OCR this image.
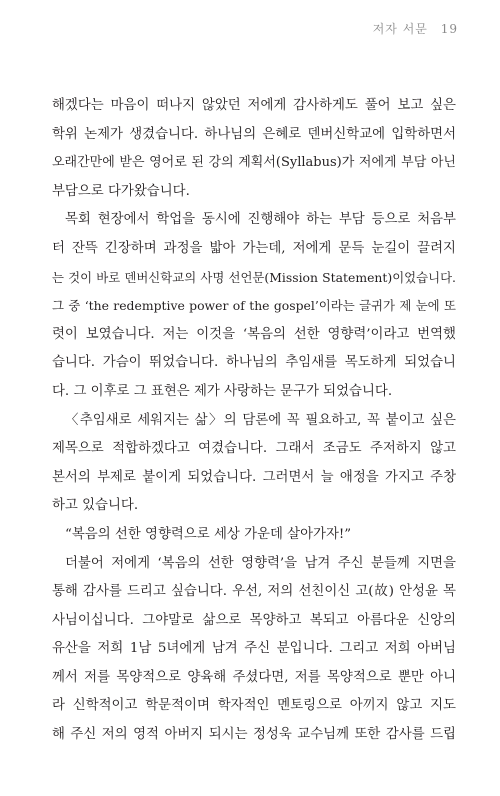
저자 서문 19
해겠다는 마음이 떠나지 않았던 저에게 감사하게도 풀어 보고 싶은
학위 논제가 생겼습니다. 하나님의 은혜로 덴버신학교에 입학하면서
오래간만에 받은 영어로 된 강의 계획서(Syllabus)가 저에게 부담 아닌
부담으로 다가왔습니다.
목회 현장에서 학업을 동시에 진행해야 하는 부담 등으로 처음부
터 잔뜩 긴장하며 과정을 밟아 가는데, 저에게 문득 눈길이 끌려지
는 것이 바로 덴버신학교의 사명 선언문(Mission Statement)이었습니다.
그 중 ‘the redemptive power of the gospel’이라는 글귀가 제 눈에 또
렷이 보였습니다. 저는 이것을 ‘복음의 선한 영향력’이라고 번역했
습니다. 가슴이 뛰었습니다. 하나님의 추임새를 목도하게 되었습니
다. 그 이후로 그 표현은 제가 사랑하는 문구가 되었습니다.
〈추임새로 세워지는 삶〉의 담론에 꼭 필요하고, 꼭 붙이고 싶은
제목으로 적합하겠다고 여겼습니다. 그래서 조금도 주저하지 않고
본서의 부제로 붙이게 되었습니다. 그러면서 늘 애정을 가지고 주창
하고 있습니다.
“복음의 선한 영향력으로 세상 가운데 살아가자!”
더불어 저에게 ‘복음의 선한 영향력’을 남겨 주신 분들께 지면을
통해 감사를 드리고 싶습니다. 우선, 저의 선친이신 고(故) 안성윤 목
사님이십니다. 그야말로 삶으로 목양하고 복되고 아름다운 신앙의
유산을 저희 1남 5녀에게 남겨 주신 분입니다. 그리고 저희 아버님
께서 저를 목양적으로 양육해 주셨다면, 저를 목양적으로 뿐만 아니
라 신학적이고 학문적이며 학자적인 멘토링으로 아끼지 않고 지도
해 주신 저의 영적 아버지 되시는 정성욱 교수님께 또한 감사를 드립
